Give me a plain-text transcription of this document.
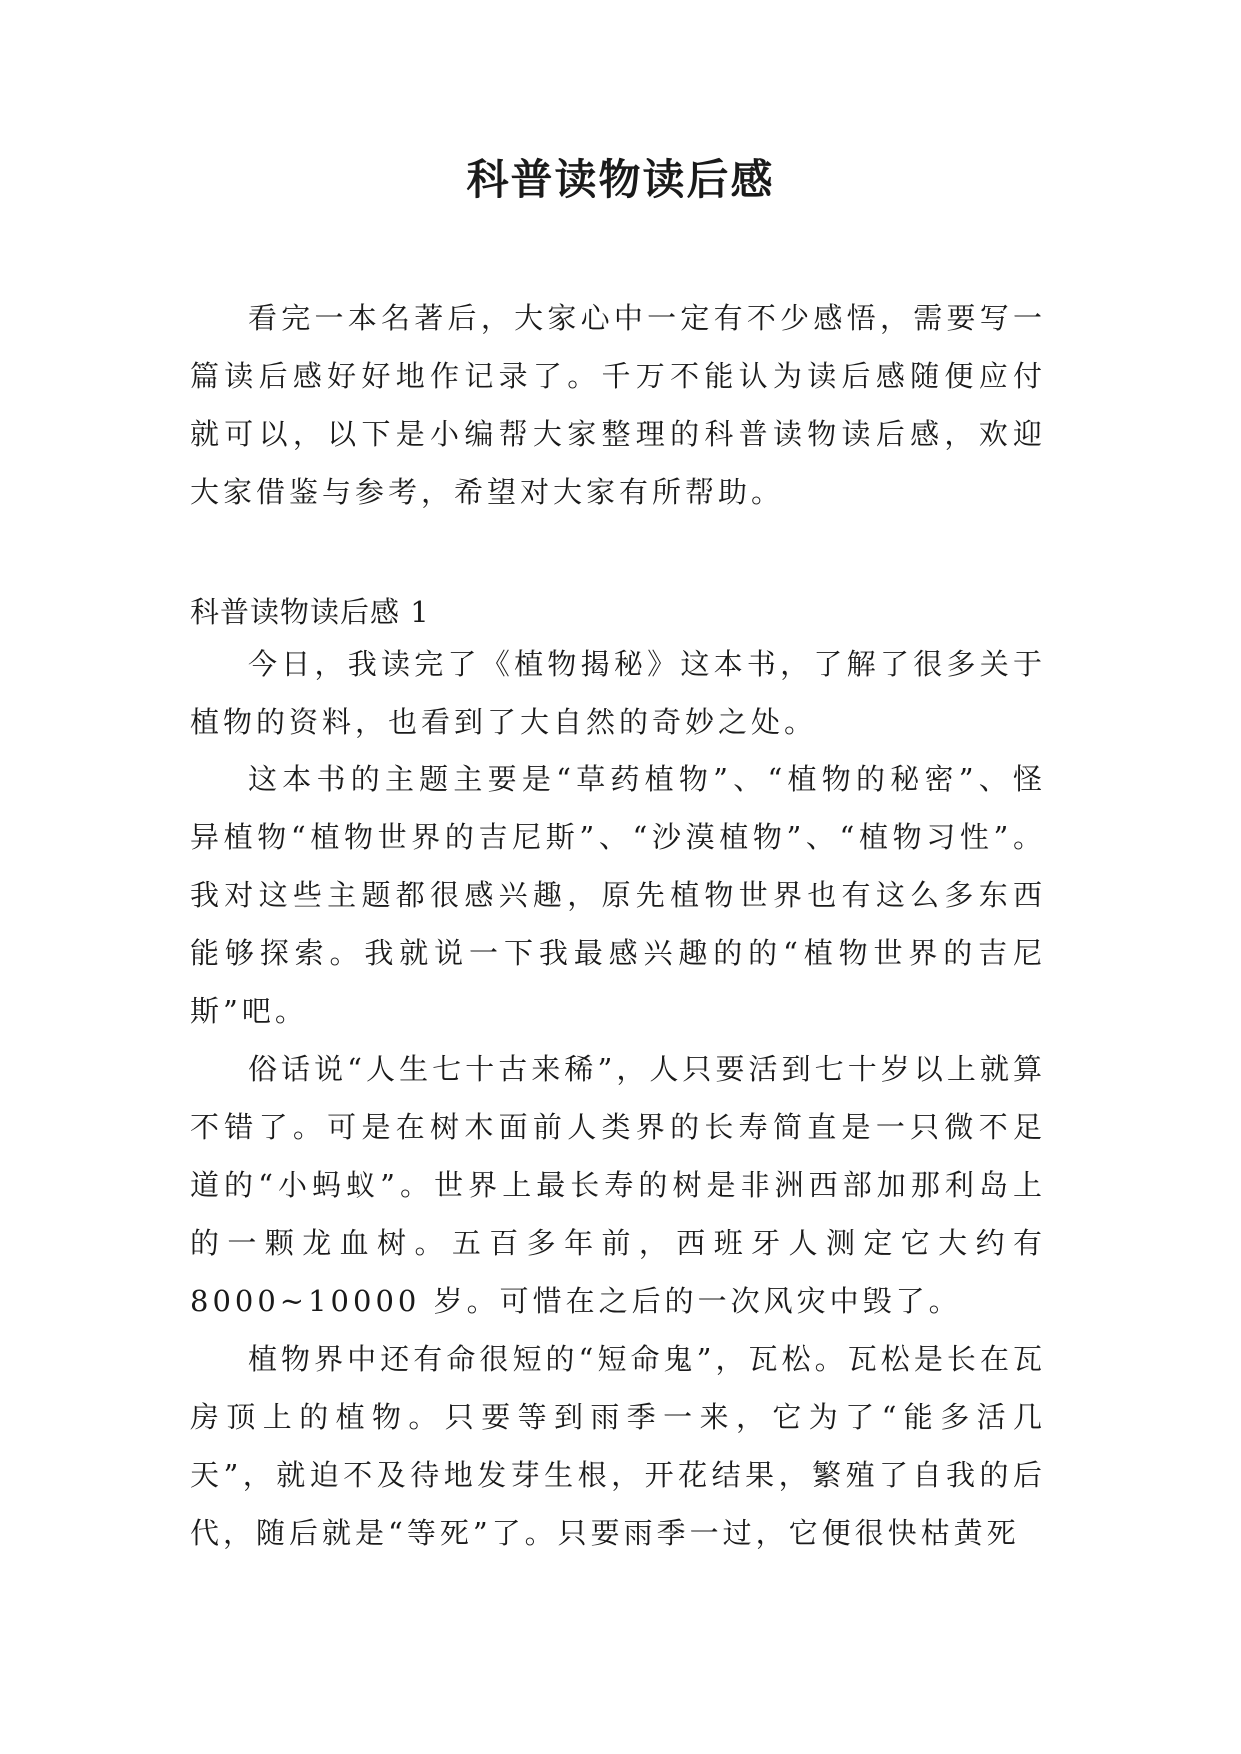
科普读物读后感

看完一本名著后，大家心中一定有不少感悟，需要写一篇读后感好好地作记录了。千万不能认为读后感随便应付就可以，以下是小编帮大家整理的科普读物读后感，欢迎大家借鉴与参考，希望对大家有所帮助。

科普读物读后感 1

今日，我读完了《植物揭秘》这本书，了解了很多关于植物的资料，也看到了大自然的奇妙之处。

这本书的主题主要是“草药植物”、“植物的秘密”、怪异植物“植物世界的吉尼斯”、“沙漠植物”、“植物习性”。我对这些主题都很感兴趣，原先植物世界也有这么多东西能够探索。我就说一下我最感兴趣的的“植物世界的吉尼斯”吧。

俗话说“人生七十古来稀”，人只要活到七十岁以上就算不错了。可是在树木面前人类界的长寿简直是一只微不足道的“小蚂蚁”。世界上最长寿的树是非洲西部加那利岛上的一颗龙血树。五百多年前，西班牙人测定它大约有8000~10000 岁。可惜在之后的一次风灾中毁了。

植物界中还有命很短的“短命鬼”，瓦松。瓦松是长在瓦房顶上的植物。只要等到雨季一来，它为了“能多活几天”，就迫不及待地发芽生根，开花结果，繁殖了自我的后代，随后就是“等死”了。只要雨季一过，它便很快枯黄死
